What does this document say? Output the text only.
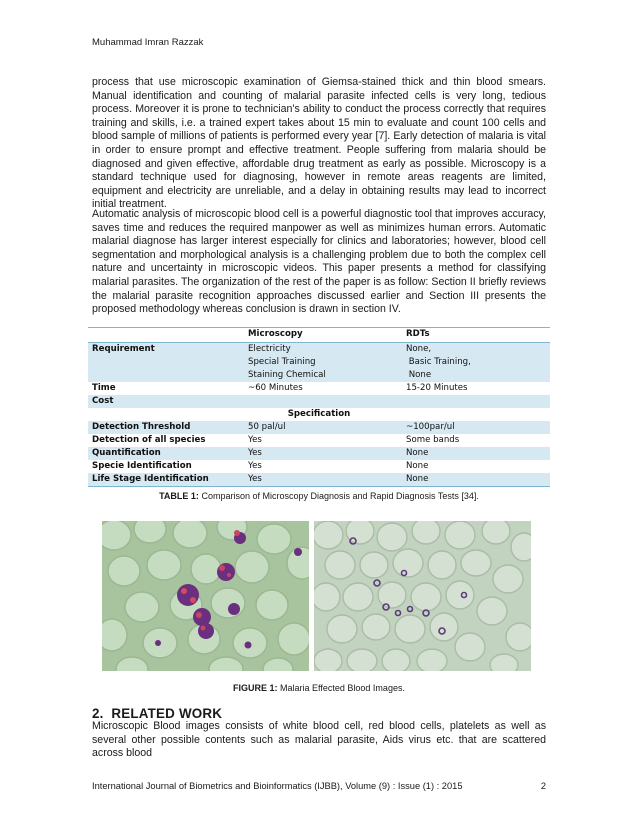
Muhammad Imran Razzak

process that use microscopic examination of Giemsa-stained thick and thin blood smears. Manual identification and counting of malarial parasite infected cells is very long, tedious process. Moreover it is prone to technician's ability to conduct the process correctly that requires training and skills, i.e. a trained expert takes about 15 min to evaluate and count 100 cells and blood sample of millions of patients is performed every year [7]. Early detection of malaria is vital in order to ensure prompt and effective treatment. People suffering from malaria should be diagnosed and given effective, affordable drug treatment as early as possible. Microscopy is a standard technique used for diagnosing, however in remote areas reagents are limited, equipment and electricity are unreliable, and a delay in obtaining results may lead to incorrect initial treatment.

Automatic analysis of microscopic blood cell is a powerful diagnostic tool that improves accuracy, saves time and reduces the required manpower as well as minimizes human errors. Automatic malarial diagnose has larger interest especially for clinics and laboratories; however, blood cell segmentation and morphological analysis is a challenging problem due to both the complex cell nature and uncertainty in microscopic videos. This paper presents a method for classifying malarial parasites. The organization of the rest of the paper is as follow: Section II briefly reviews the malarial parasite recognition approaches discussed earlier and Section III presents the proposed methodology whereas conclusion is drawn in section IV.

	Microscopy	RDTs
Requirement	Electricity	None,
	Special Training	Basic Training,
	Staining Chemical	None
Time	~60 Minutes	15-20 Minutes
Cost		
Specification		
Detection Threshold	50 pal/ul	~100par/ul
Detection of all species	Yes	Some bands
Quantification	Yes	None
Specie Identification	Yes	None
Life Stage Identification	Yes	None
TABLE 1: Comparison of Microscopy Diagnosis and Rapid Diagnosis Tests [34].
FIGURE 1: Malaria Effected Blood Images.
2.  RELATED WORK

Microscopic Blood images consists of white blood cell, red blood cells, platelets as well as several other possible contents such as malarial parasite, Aids virus etc. that are scattered across blood

International Journal of Biometrics and Bioinformatics (IJBB), Volume (9) : Issue (1) : 2015	2
